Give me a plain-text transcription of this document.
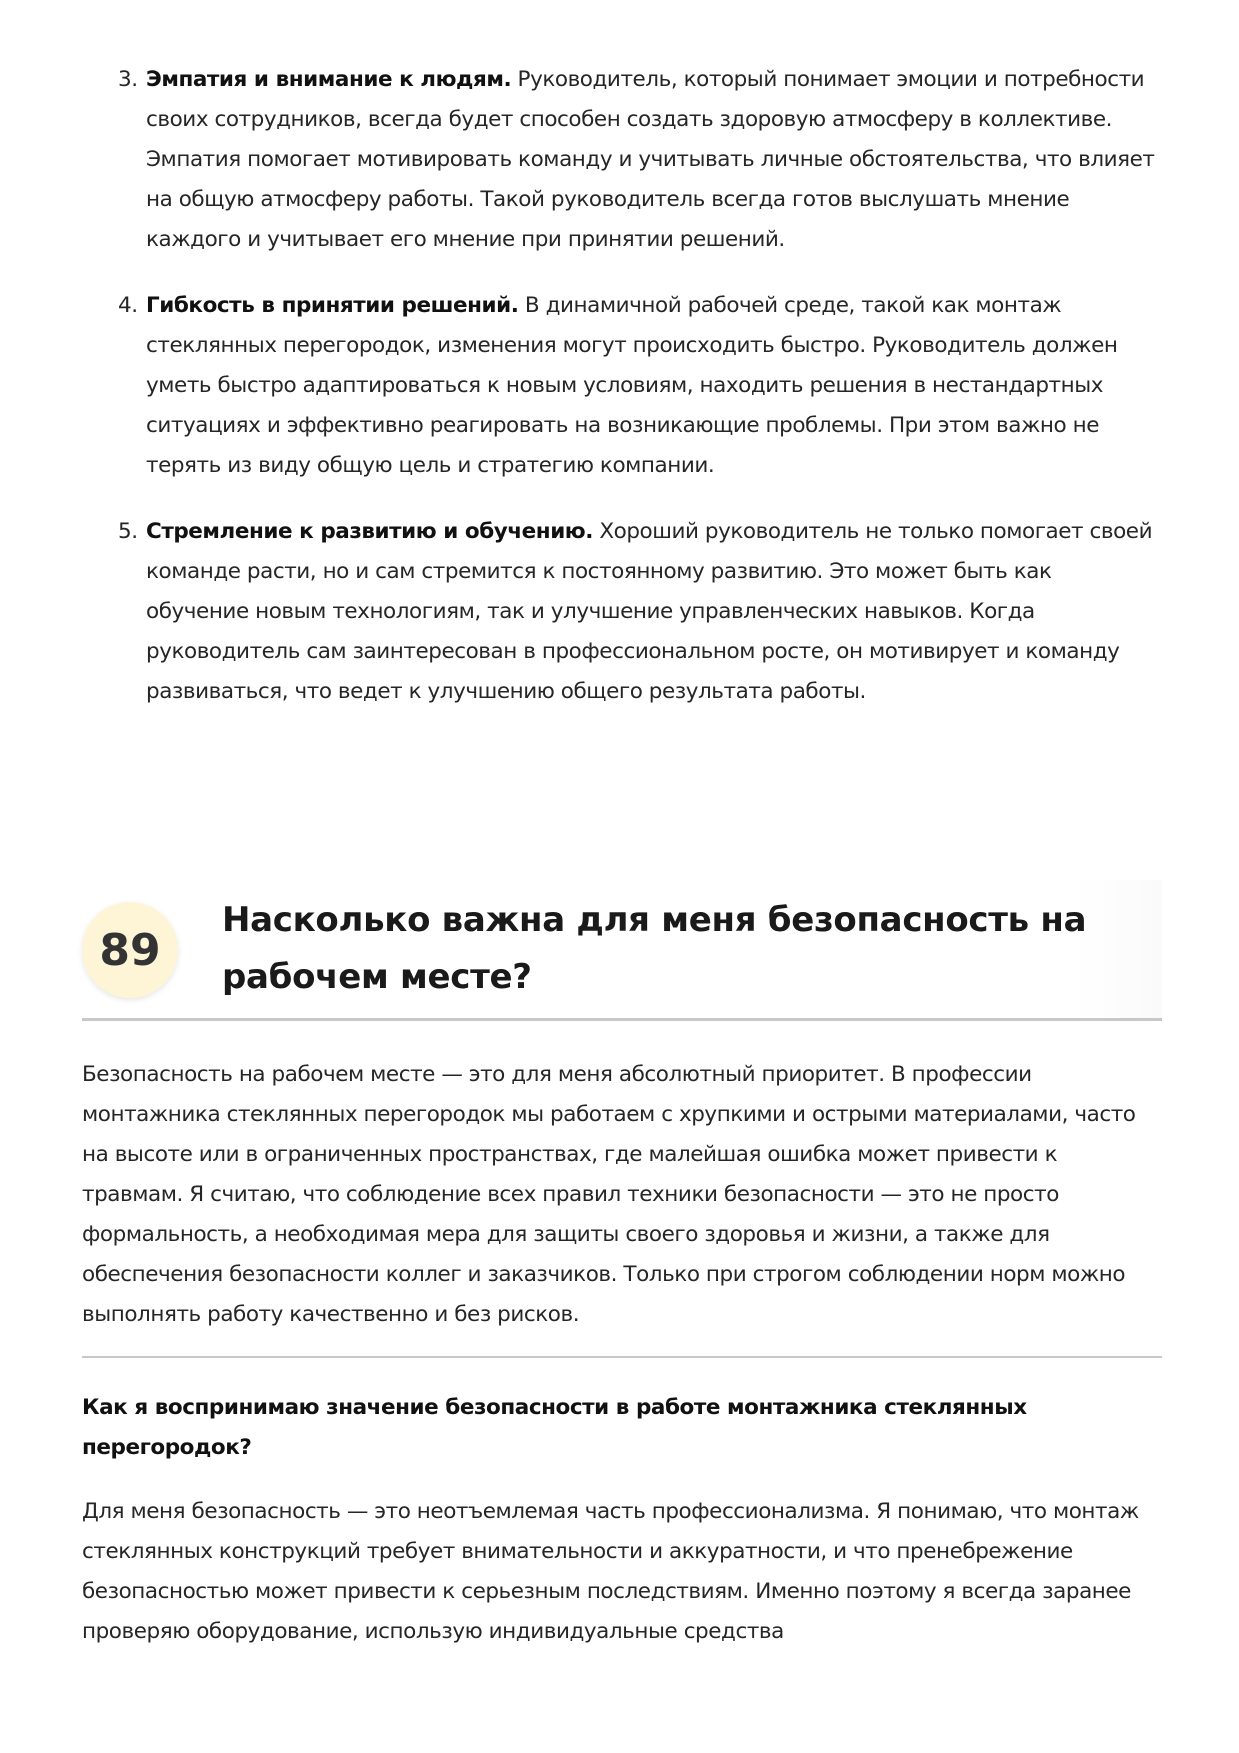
3. Эмпатия и внимание к людям. Руководитель, который понимает эмоции и потребности своих сотрудников, всегда будет способен создать здоровую атмосферу в коллективе. Эмпатия помогает мотивировать команду и учитывать личные обстоятельства, что влияет на общую атмосферу работы. Такой руководитель всегда готов выслушать мнение каждого и учитывает его мнение при принятии решений.
4. Гибкость в принятии решений. В динамичной рабочей среде, такой как монтаж стеклянных перегородок, изменения могут происходить быстро. Руководитель должен уметь быстро адаптироваться к новым условиям, находить решения в нестандартных ситуациях и эффективно реагировать на возникающие проблемы. При этом важно не терять из виду общую цель и стратегию компании.
5. Стремление к развитию и обучению. Хороший руководитель не только помогает своей команде расти, но и сам стремится к постоянному развитию. Это может быть как обучение новым технологиям, так и улучшение управленческих навыков. Когда руководитель сам заинтересован в профессиональном росте, он мотивирует и команду развиваться, что ведет к улучшению общего результата работы.
89
Насколько важна для меня безопасность на рабочем месте?

Безопасность на рабочем месте — это для меня абсолютный приоритет. В профессии монтажника стеклянных перегородок мы работаем с хрупкими и острыми материалами, часто на высоте или в ограниченных пространствах, где малейшая ошибка может привести к травмам. Я считаю, что соблюдение всех правил техники безопасности — это не просто формальность, а необходимая мера для защиты своего здоровья и жизни, а также для обеспечения безопасности коллег и заказчиков. Только при строгом соблюдении норм можно выполнять работу качественно и без рисков.

Как я воспринимаю значение безопасности в работе монтажника стеклянных перегородок?

Для меня безопасность — это неотъемлемая часть профессионализма. Я понимаю, что монтаж стеклянных конструкций требует внимательности и аккуратности, и что пренебрежение безопасностью может привести к серьезным последствиям. Именно поэтому я всегда заранее проверяю оборудование, использую индивидуальные средства
